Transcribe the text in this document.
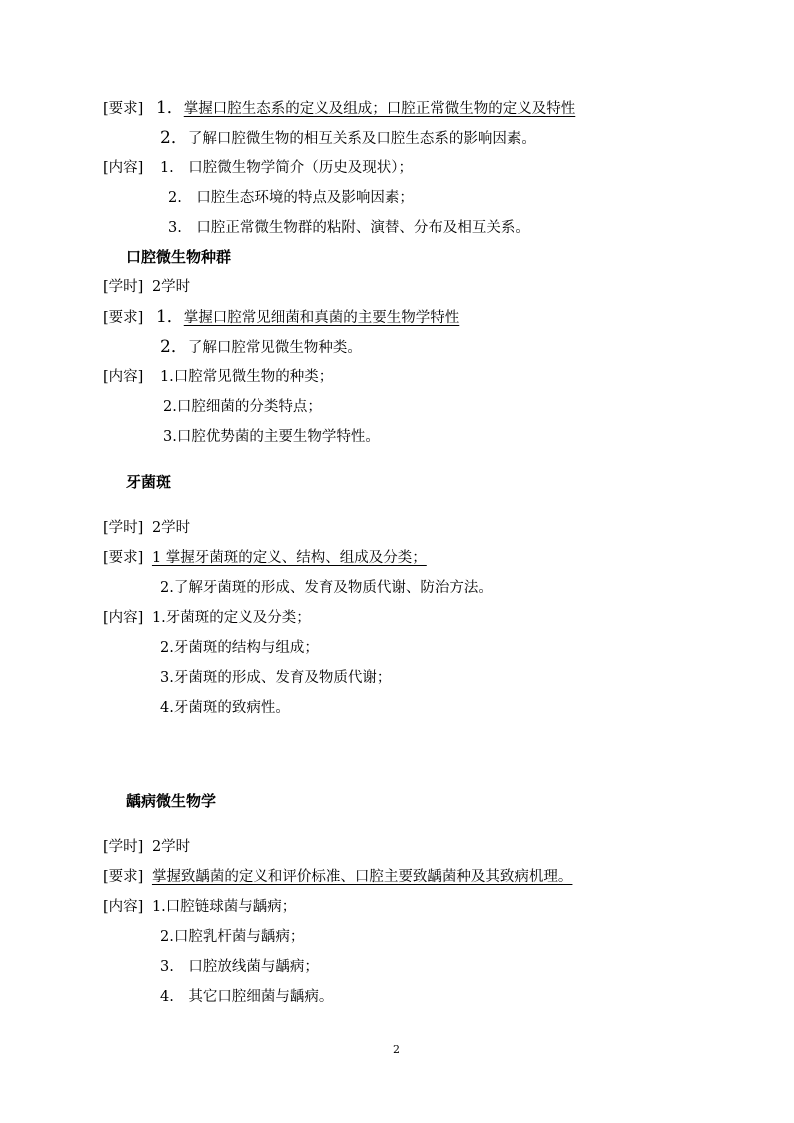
[要求] 1．掌握口腔生态系的定义及组成；口腔正常微生物的定义及特性
2．了解口腔微生物的相互关系及口腔生态系的影响因素。
[内容] 1.　口腔微生物学简介（历史及现状）；
2.　口腔生态环境的特点及影响因素；
3.　口腔正常微生物群的粘附、演替、分布及相互关系。
口腔微生物种群
[学时] 2学时
[要求] 1．掌握口腔常见细菌和真菌的主要生物学特性
2．了解口腔常见微生物种类。
[内容] 1.口腔常见微生物的种类；
2.口腔细菌的分类特点；
3.口腔优势菌的主要生物学特性。
牙菌斑
[学时] 2学时
[要求] 1 掌握牙菌斑的定义、结构、组成及分类；
2.了解牙菌斑的形成、发育及物质代谢、防治方法。
[内容] 1.牙菌斑的定义及分类；
2.牙菌斑的结构与组成；
3.牙菌斑的形成、发育及物质代谢；
4.牙菌斑的致病性。
龋病微生物学
[学时] 2学时
[要求] 掌握致龋菌的定义和评价标准、口腔主要致龋菌种及其致病机理。
[内容] 1.口腔链球菌与龋病；
2.口腔乳杆菌与龋病；
3.　口腔放线菌与龋病；
4.　其它口腔细菌与龋病。
2
